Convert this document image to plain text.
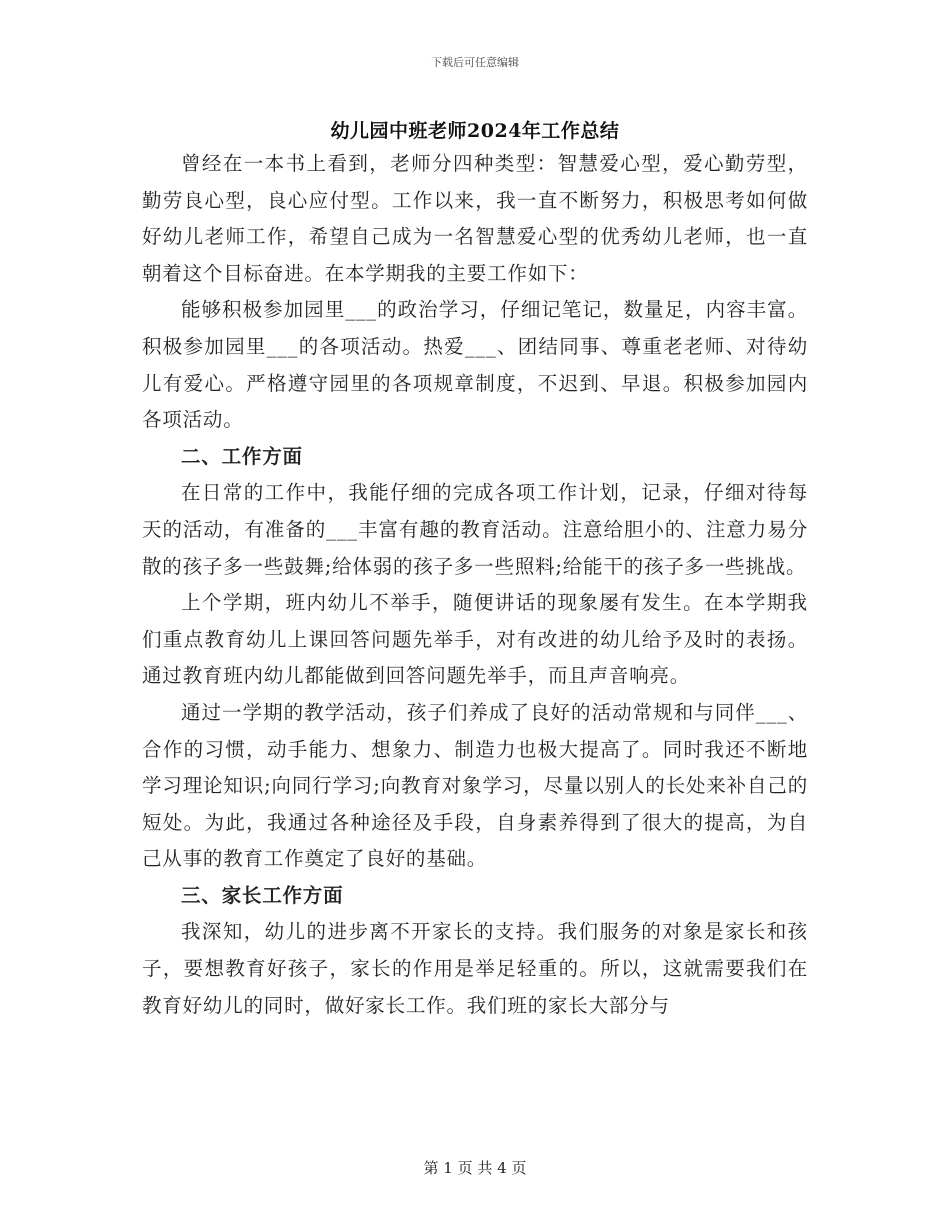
下载后可任意编辑
幼儿园中班老师2024年工作总结

曾经在一本书上看到，老师分四种类型：智慧爱心型，爱心勤劳型，勤劳良心型，良心应付型。工作以来，我一直不断努力，积极思考如何做好幼儿老师工作，希望自己成为一名智慧爱心型的优秀幼儿老师，也一直朝着这个目标奋进。在本学期我的主要工作如下：

能够积极参加园里___的政治学习，仔细记笔记，数量足，内容丰富。积极参加园里___的各项活动。热爱___、团结同事、尊重老老师、对待幼儿有爱心。严格遵守园里的各项规章制度，不迟到、早退。积极参加园内各项活动。

二、工作方面

在日常的工作中，我能仔细的完成各项工作计划，记录，仔细对待每天的活动，有准备的___丰富有趣的教育活动。注意给胆小的、注意力易分散的孩子多一些鼓舞;给体弱的孩子多一些照料;给能干的孩子多一些挑战。

上个学期，班内幼儿不举手，随便讲话的现象屡有发生。在本学期我们重点教育幼儿上课回答问题先举手，对有改进的幼儿给予及时的表扬。通过教育班内幼儿都能做到回答问题先举手，而且声音响亮。

通过一学期的教学活动，孩子们养成了良好的活动常规和与同伴___、合作的习惯，动手能力、想象力、制造力也极大提高了。同时我还不断地学习理论知识;向同行学习;向教育对象学习，尽量以别人的长处来补自己的短处。为此，我通过各种途径及手段，自身素养得到了很大的提高，为自己从事的教育工作奠定了良好的基础。

三、家长工作方面

我深知，幼儿的进步离不开家长的支持。我们服务的对象是家长和孩子，要想教育好孩子，家长的作用是举足轻重的。所以，这就需要我们在教育好幼儿的同时，做好家长工作。我们班的家长大部分与

第 1 页 共 4 页
